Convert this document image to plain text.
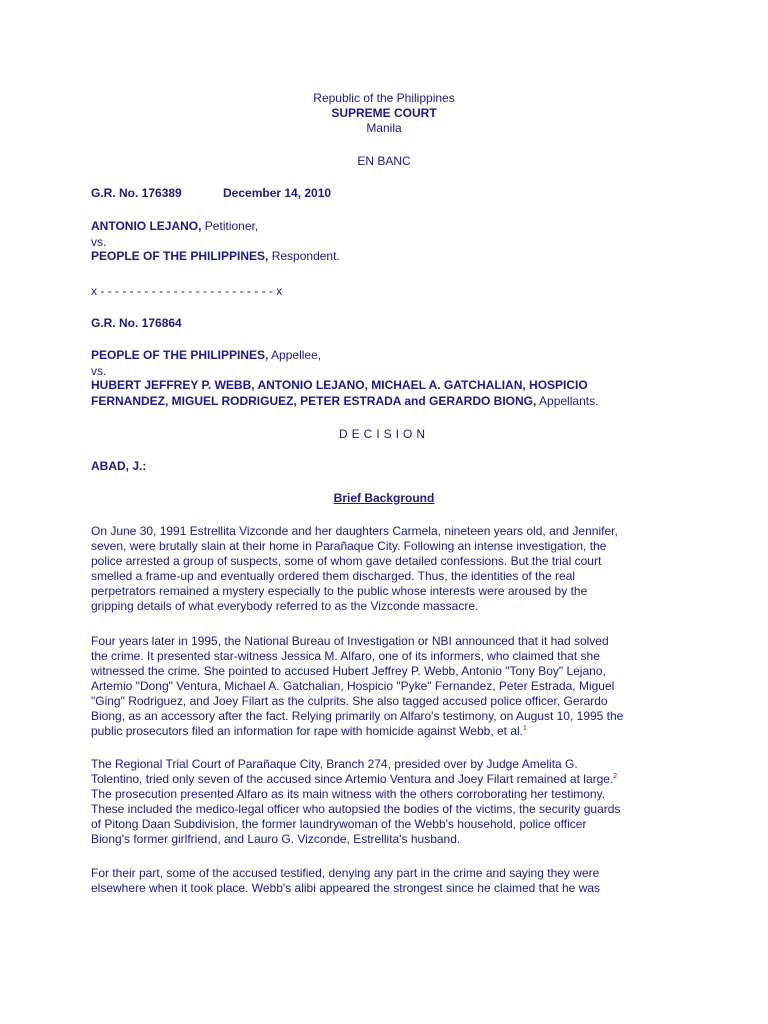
Republic of the Philippines
SUPREME COURT
Manila
EN BANC
G.R. No. 176389	December 14, 2010
ANTONIO LEJANO, Petitioner,
vs.
PEOPLE OF THE PHILIPPINES, Respondent.
x - - - - - - - - - - - - - - - - - - - - - - - - x
G.R. No. 176864
PEOPLE OF THE PHILIPPINES, Appellee,
vs.
HUBERT JEFFREY P. WEBB, ANTONIO LEJANO, MICHAEL A. GATCHALIAN, HOSPICIO
FERNANDEZ, MIGUEL RODRIGUEZ, PETER ESTRADA and GERARDO BIONG, Appellants.
DECISION
ABAD, J.:
Brief Background

On June 30, 1991 Estrellita Vizconde and her daughters Carmela, nineteen years old, and Jennifer,

seven, were brutally slain at their home in Parañaque City. Following an intense investigation, the

police arrested a group of suspects, some of whom gave detailed confessions. But the trial court

smelled a frame-up and eventually ordered them discharged. Thus, the identities of the real

perpetrators remained a mystery especially to the public whose interests were aroused by the

gripping details of what everybody referred to as the Vizconde massacre.

Four years later in 1995, the National Bureau of Investigation or NBI announced that it had solved

the crime. It presented star-witness Jessica M. Alfaro, one of its informers, who claimed that she

witnessed the crime. She pointed to accused Hubert Jeffrey P. Webb, Antonio "Tony Boy" Lejano,

Artemio "Dong" Ventura, Michael A. Gatchalian, Hospicio "Pyke" Fernandez, Peter Estrada, Miguel

"Ging" Rodriguez, and Joey Filart as the culprits. She also tagged accused police officer, Gerardo

Biong, as an accessory after the fact. Relying primarily on Alfaro's testimony, on August 10, 1995 the

public prosecutors filed an information for rape with homicide against Webb, et al.$^1$

The Regional Trial Court of Parañaque City, Branch 274, presided over by Judge Amelita G.

Tolentino, tried only seven of the accused since Artemio Ventura and Joey Filart remained at large.$^2$

The prosecution presented Alfaro as its main witness with the others corroborating her testimony.

These included the medico-legal officer who autopsied the bodies of the victims, the security guards

of Pitong Daan Subdivision, the former laundrywoman of the Webb's household, police officer

Biong's former girlfriend, and Lauro G. Vizconde, Estrellita's husband.

For their part, some of the accused testified, denying any part in the crime and saying they were

elsewhere when it took place. Webb's alibi appeared the strongest since he claimed that he was
